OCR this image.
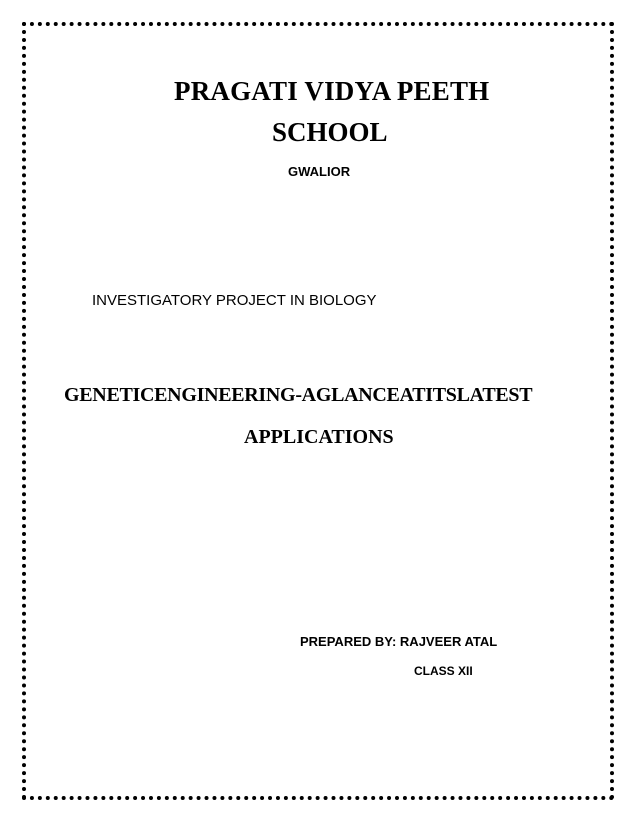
PRAGATI VIDYA PEETH
SCHOOL

GWALIOR

INVESTIGATORY PROJECT IN BIOLOGY

GENETICENGINEERING-AGLANCEATITSLATEST
APPLICATIONS

PREPARED BY: RAJVEER ATAL

CLASS XII
